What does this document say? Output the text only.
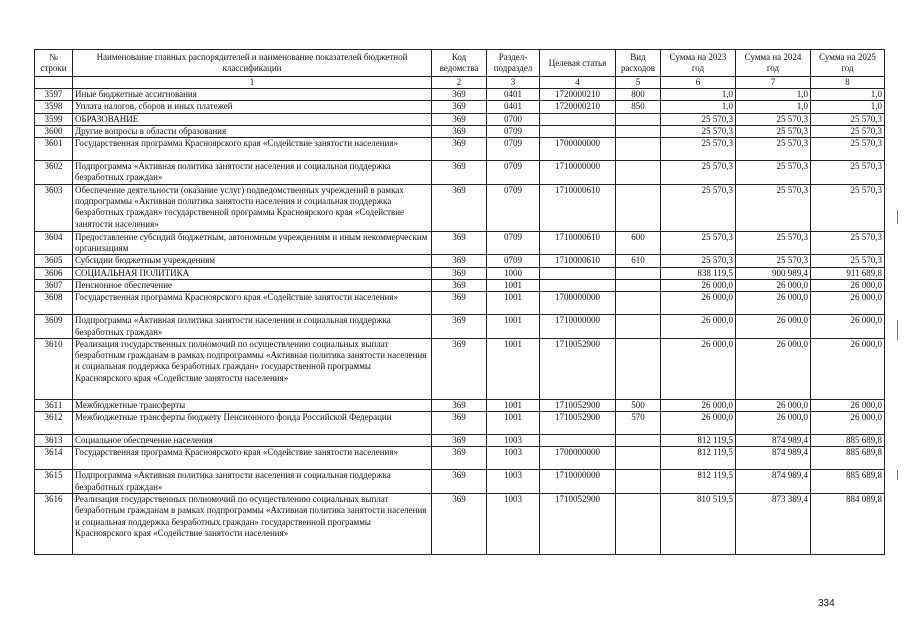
№ строки	Наименование главных распорядителей и наименование показателей бюджетной классификации	Код ведомства	Раздел-подраздел	Целевая статья	Вид расходов	Сумма на 2023 год	Сумма на 2024 год	Сумма на 2025 год
	1	2	3	4	5	6	7	8
3597	Иные бюджетные ассигнования	369	0401	1720000210	800	1,0	1,0	1,0
3598	Уплата налогов, сборов и иных платежей	369	0401	1720000210	850	1,0	1,0	1,0
3599	ОБРАЗОВАНИЕ	369	0700			25 570,3	25 570,3	25 570,3
3600	Другие вопросы в области образования	369	0709			25 570,3	25 570,3	25 570,3
3601	Государственная программа Красноярского края «Содействие занятости населения»	369	0709	1700000000		25 570,3	25 570,3	25 570,3
3602	Подпрограмма «Активная политика занятости населения и социальная поддержка безработных граждан»	369	0709	1710000000		25 570,3	25 570,3	25 570,3
3603	Обеспечение деятельности (оказание услуг) подведомственных учреждений в рамках подпрограммы «Активная политика занятости населения и социальная поддержка безработных граждан» государственной программы Красноярского края «Содействие занятости населения»	369	0709	1710000610		25 570,3	25 570,3	25 570,3
3604	Предоставление субсидий бюджетным, автономным учреждениям и иным некоммерческим организациям	369	0709	1710000610	600	25 570,3	25 570,3	25 570,3
3605	Субсидии бюджетным учреждениям	369	0709	1710000610	610	25 570,3	25 570,3	25 570,3
3606	СОЦИАЛЬНАЯ ПОЛИТИКА	369	1000			838 119,5	900 989,4	911 689,8
3607	Пенсионное обеспечение	369	1001			26 000,0	26 000,0	26 000,0
3608	Государственная программа Красноярского края «Содействие занятости населения»	369	1001	1700000000		26 000,0	26 000,0	26 000,0
3609	Подпрограмма «Активная политика занятости населения и социальная поддержка безработных граждан»	369	1001	1710000000		26 000,0	26 000,0	26 000,0
3610	Реализация государственных полномочий по осуществлению социальных выплат безработным гражданам в рамках подпрограммы «Активная политика занятости населения и социальная поддержка безработных граждан» государственной программы Красноярского края «Содействие занятости населения»	369	1001	1710052900		26 000,0	26 000,0	26 000,0
3611	Межбюджетные трансферты	369	1001	1710052900	500	26 000,0	26 000,0	26 000,0
3612	Межбюджетные трансферты бюджету Пенсионного фонда Российской Федерации	369	1001	1710052900	570	26 000,0	26 000,0	26 000,0
3613	Социальное обеспечение населения	369	1003			812 119,5	874 989,4	885 689,8
3614	Государственная программа Красноярского края «Содействие занятости населения»	369	1003	1700000000		812 119,5	874 989,4	885 689,8
3615	Подпрограмма «Активная политика занятости населения и социальная поддержка безработных граждан»	369	1003	1710000000		812 119,5	874 989,4	885 689,8
3616	Реализация государственных полномочий по осуществлению социальных выплат безработным гражданам в рамках подпрограммы «Активная политика занятости населения и социальная поддержка безработных граждан» государственной программы Красноярского края «Содействие занятости населения»	369	1003	1710052900		810 519,5	873 389,4	884 089,8
334
